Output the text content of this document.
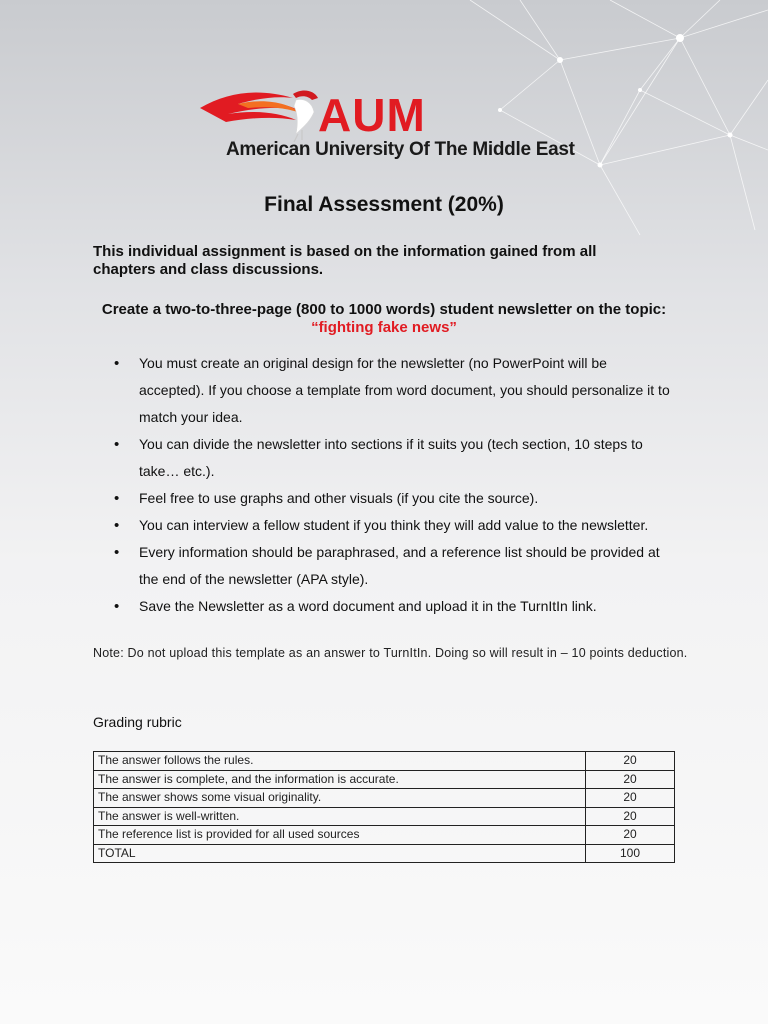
AUM
American University Of The Middle East
Final Assessment (20%)
This individual assignment is based on the information gained from all chapters and class discussions.
Create a two-to-three-page (800 to 1000 words) student newsletter on the topic: “fighting fake news”
• You must create an original design for the newsletter (no PowerPoint will be accepted). If you choose a template from word document, you should personalize it to match your idea.
• You can divide the newsletter into sections if it suits you (tech section, 10 steps to take… etc.).
• Feel free to use graphs and other visuals (if you cite the source).
• You can interview a fellow student if you think they will add value to the newsletter.
• Every information should be paraphrased, and a reference list should be provided at the end of the newsletter (APA style).
• Save the Newsletter as a word document and upload it in the TurnItIn link.
Note: Do not upload this template as an answer to TurnItIn. Doing so will result in – 10 points deduction.
Grading rubric
The answer follows the rules.	20
The answer is complete, and the information is accurate.	20
The answer shows some visual originality.	20
The answer is well-written.	20
The reference list is provided for all used sources	20
TOTAL	100
